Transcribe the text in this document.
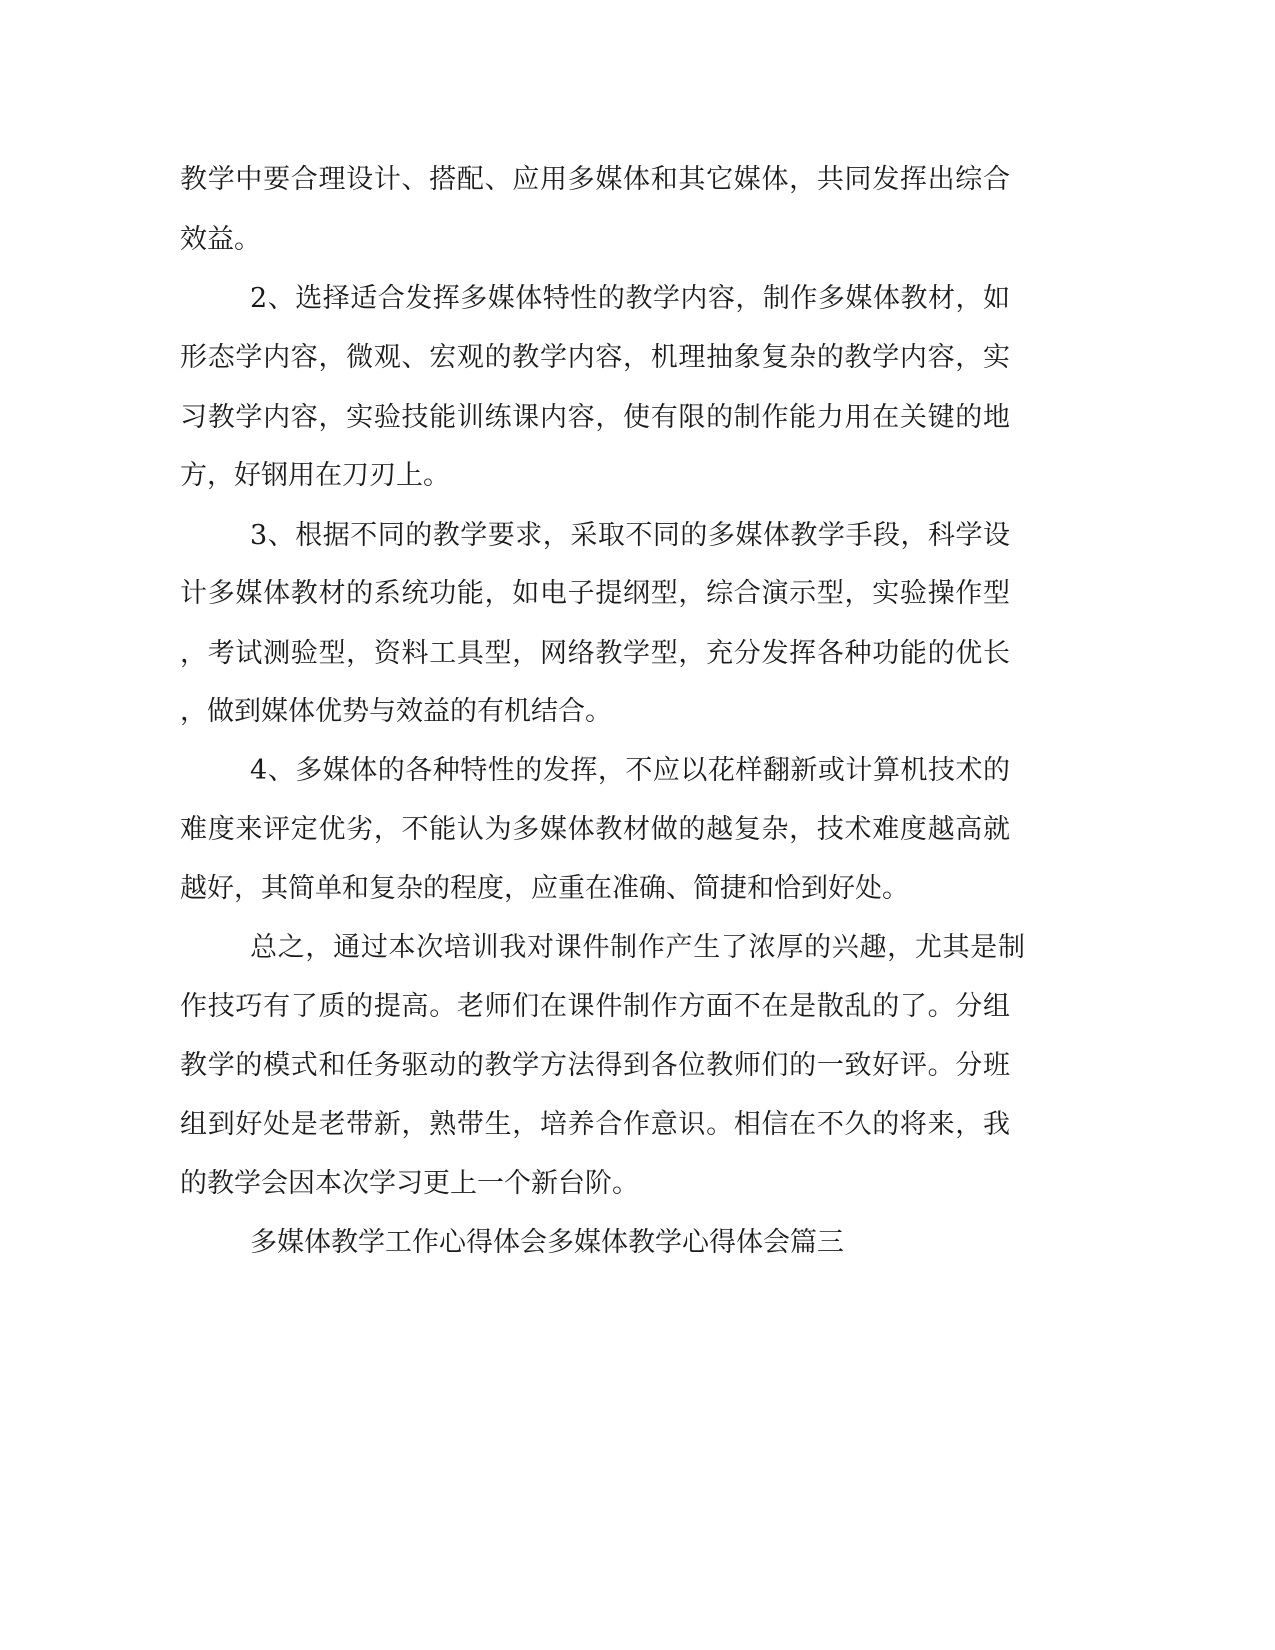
教学中要合理设计、搭配、应用多媒体和其它媒体，共同发挥出综合
效益。
2、选择适合发挥多媒体特性的教学内容，制作多媒体教材，如
形态学内容，微观、宏观的教学内容，机理抽象复杂的教学内容，实
习教学内容，实验技能训练课内容，使有限的制作能力用在关键的地
方，好钢用在刀刃上。
3、根据不同的教学要求，采取不同的多媒体教学手段，科学设
计多媒体教材的系统功能，如电子提纲型，综合演示型，实验操作型
，考试测验型，资料工具型，网络教学型，充分发挥各种功能的优长
，做到媒体优势与效益的有机结合。
4、多媒体的各种特性的发挥，不应以花样翻新或计算机技术的
难度来评定优劣，不能认为多媒体教材做的越复杂，技术难度越高就
越好，其简单和复杂的程度，应重在准确、简捷和恰到好处。
总之，通过本次培训我对课件制作产生了浓厚的兴趣，尤其是制
作技巧有了质的提高。老师们在课件制作方面不在是散乱的了。分组
教学的模式和任务驱动的教学方法得到各位教师们的一致好评。分班
组到好处是老带新，熟带生，培养合作意识。相信在不久的将来，我
的教学会因本次学习更上一个新台阶。
多媒体教学工作心得体会多媒体教学心得体会篇三
